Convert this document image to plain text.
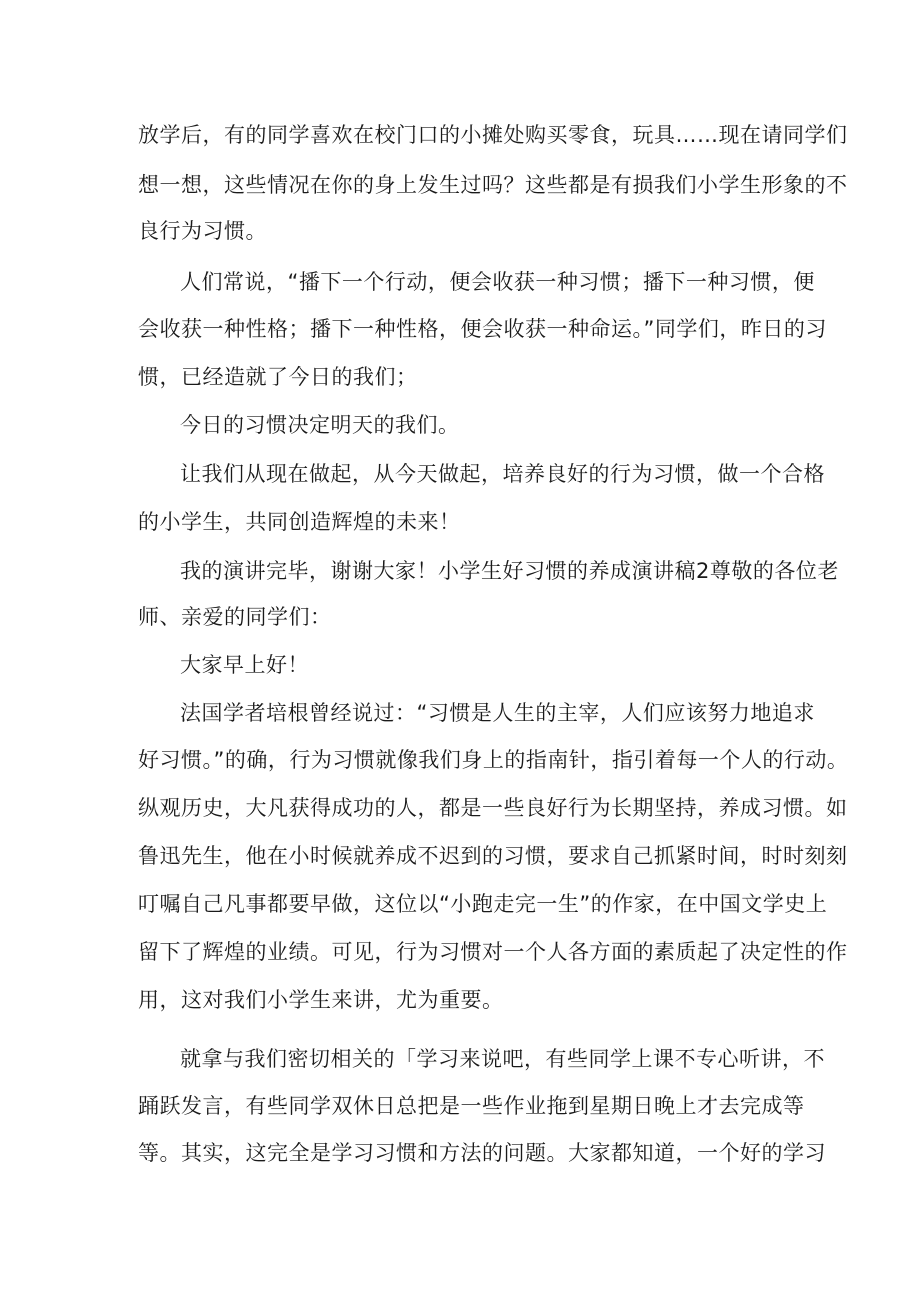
放学后，有的同学喜欢在校门口的小摊处购买零食，玩具……现在请同学们
想一想，这些情况在你的身上发生过吗？这些都是有损我们小学生形象的不
良行为习惯。
人们常说，“播下一个行动，便会收获一种习惯；播下一种习惯，便
会收获一种性格；播下一种性格，便会收获一种命运。”同学们，昨日的习
惯，已经造就了今日的我们；
今日的习惯决定明天的我们。
让我们从现在做起，从今天做起，培养良好的行为习惯，做一个合格
的小学生，共同创造辉煌的未来！
我的演讲完毕，谢谢大家！小学生好习惯的养成演讲稿2尊敬的各位老
师、亲爱的同学们：
大家早上好！
法国学者培根曾经说过：“习惯是人生的主宰，人们应该努力地追求
好习惯。”的确，行为习惯就像我们身上的指南针，指引着每一个人的行动。
纵观历史，大凡获得成功的人，都是一些良好行为长期坚持，养成习惯。如
鲁迅先生，他在小时候就养成不迟到的习惯，要求自己抓紧时间，时时刻刻
叮嘱自己凡事都要早做，这位以“小跑走完一生”的作家，在中国文学史上
留下了辉煌的业绩。可见，行为习惯对一个人各方面的素质起了决定性的作
用，这对我们小学生来讲，尤为重要。
就拿与我们密切相关的「学习来说吧，有些同学上课不专心听讲，不
踊跃发言，有些同学双休日总把是一些作业拖到星期日晚上才去完成等
等。其实，这完全是学习习惯和方法的问题。大家都知道，一个好的学习
